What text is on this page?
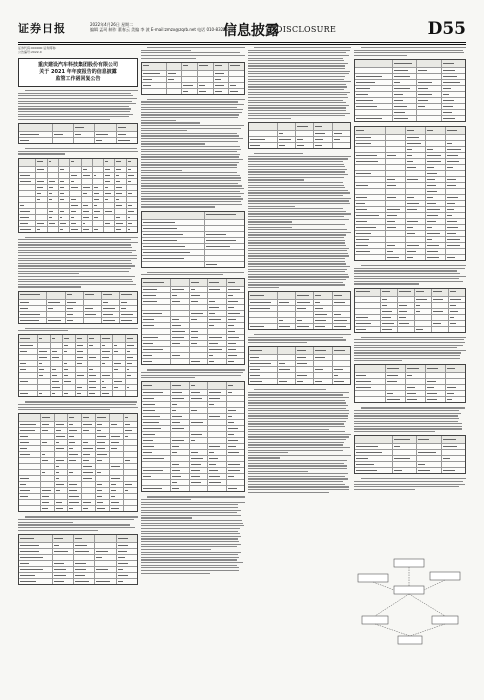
证券日报	2022年4月26日 星期二
编辑 孟珂 制作 董春云 美编 李 波 E-mail:zmzx@zqrb.net 电话 010-83251716
信息披露
DISCLOSURE	D55
证券代码:000000 证券简称:
公告编号:2022-0
重庆建设汽车科技集团股份有限公司
关于 2021 年年度报告的信息披露
监管工作函回复公告
